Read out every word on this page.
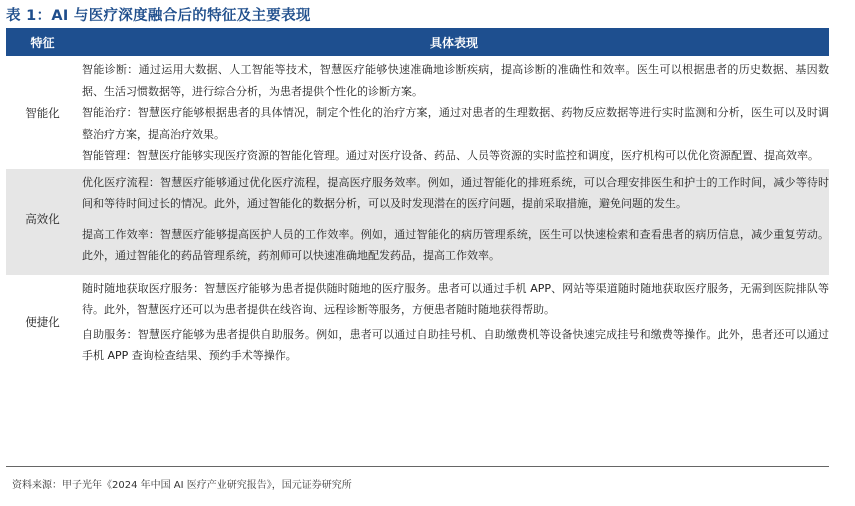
表 1：AI 与医疗深度融合后的特征及主要表现
特征	具体表现
智能化
智能诊断：通过运用大数据、人工智能等技术，智慧医疗能够快速准确地诊断疾病，提高诊断的准确性和效率。医生可以根据患者的历史数据、基因数据、生活习惯数据等，进行综合分析，为患者提供个性化的诊断方案。
智能治疗：智慧医疗能够根据患者的具体情况，制定个性化的治疗方案，通过对患者的生理数据、药物反应数据等进行实时监测和分析，医生可以及时调整治疗方案，提高治疗效果。
智能管理：智慧医疗能够实现医疗资源的智能化管理。通过对医疗设备、药品、人员等资源的实时监控和调度，医疗机构可以优化资源配置、提高效率。
高效化
优化医疗流程：智慧医疗能够通过优化医疗流程，提高医疗服务效率。例如，通过智能化的排班系统，可以合理安排医生和护士的工作时间，减少等待时间和等待时间过长的情况。此外，通过智能化的数据分析，可以及时发现潜在的医疗问题，提前采取措施，避免问题的发生。
提高工作效率：智慧医疗能够提高医护人员的工作效率。例如，通过智能化的病历管理系统，医生可以快速检索和查看患者的病历信息，减少重复劳动。此外，通过智能化的药品管理系统，药剂师可以快速准确地配发药品，提高工作效率。
便捷化
随时随地获取医疗服务：智慧医疗能够为患者提供随时随地的医疗服务。患者可以通过手机 APP、网站等渠道随时随地获取医疗服务，无需到医院排队等待。此外，智慧医疗还可以为患者提供在线咨询、远程诊断等服务，方便患者随时随地获得帮助。
自助服务：智慧医疗能够为患者提供自助服务。例如，患者可以通过自助挂号机、自助缴费机等设备快速完成挂号和缴费等操作。此外，患者还可以通过手机 APP 查询检查结果、预约手术等操作。
资料来源：甲子光年《2024 年中国 AI 医疗产业研究报告》，国元证券研究所
